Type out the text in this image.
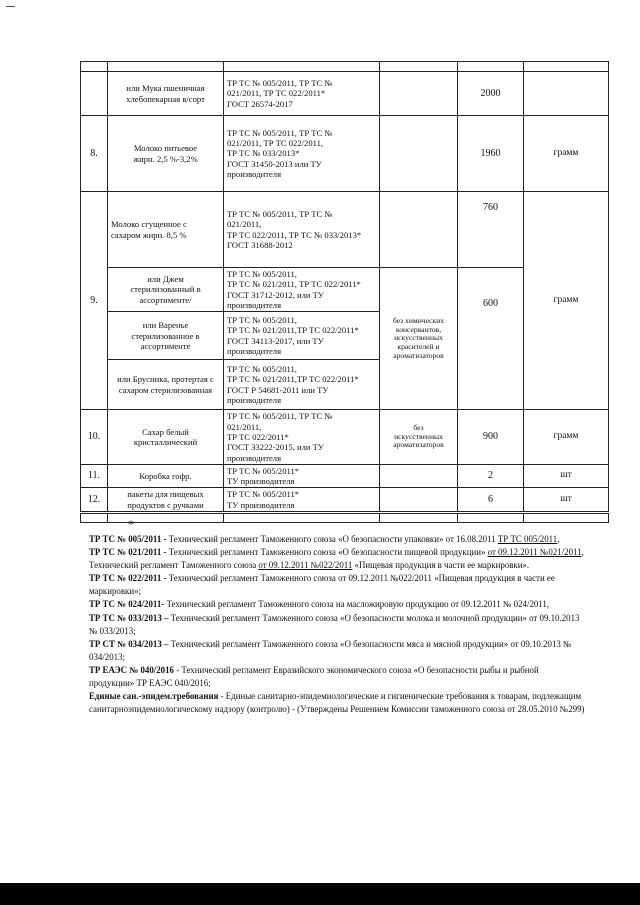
	или Мука пшеничная
хлебопекарная в/сорт	ТР ТС № 005/2011, ТР ТС №
021/2011, ТР ТС 022/2011*
ГОСТ 26574-2017		2000	
8.	Молоко питьевое
жирн. 2,5 %-3,2%	ТР ТС № 005/2011, ТР ТС №
021/2011, ТР ТС 022/2011,
ТР ТС № 033/2013*
ГОСТ 31450-2013 или ТУ
производителя		1960	грамм
9.	Молоко сгущенное с
сахаром жирн. 8,5 %	ТР ТС № 005/2011, ТР ТС №
021/2011,
ТР ТС 022/2011, ТР ТС № 033/2013*
ГОСТ 31688-2012		760	грамм

	или Джем
стерилизованный в
ассортименте/	ТР ТС № 005/2011,
ТР ТС № 021/2011, ТР ТС 022/2011*
ГОСТ 31712-2012, или ТУ
производителя	без химических
консервантов,
искусственных
красителей и
ароматизаторов	600	

	или Варенье
стерилизованное в
ассортименте	ТР ТС № 005/2011,
ТР ТС № 021/2011,ТР ТС 022/2011*
ГОСТ 34113-2017, или ТУ
производителя			

	или Брусника, протертая с
сахаром стерилизованная	ТР ТС № 005/2011,
ТР ТС № 021/2011,ТР ТС 022/2011*
ГОСТ Р 54681-2011 или ТУ
производителя			

10.	Сахар белый
кристаллический	ТР ТС № 005/2011, ТР ТС №
021/2011,
ТР ТС 022/2011*
ГОСТ 33222-2015, или ТУ
производителя	без
искусственных
ароматизаторов	900	грамм
11.	Коробка гофр.	ТР ТС № 005/2011*
ТУ производителя		2	шт
12.	пакеты для пищевых
продуктов с ручками	ТР ТС № 005/2011*
ТУ производителя		6	шт

*

ТР ТС № 005/2011 - Технический регламент Таможенного союза «О безопасности упаковки» от 16.08.2011 ТР ТС 005/2011,

ТР ТС № 021/2011 - Технический регламент Таможенного союза «О безопасности пищевой продукции» от 09.12.2011 №021/2011,

Технический регламент Таможенного союза от 09.12.2011 №022/2011 «Пищевая продукция в части ее маркировки».

ТР ТС № 022/2011 - Технический регламент Таможенного союза от 09.12.2011 №022/2011 «Пищевая продукция в части ее маркировки»;

ТР ТС № 024/2011- Технический регламент Таможенного союза на масложировую продукцию от 09.12.2011 № 024/2011,

ТР ТС № 033/2013 – Технический регламент Таможенного союза «О безопасности молока и молочной продукции» от 09.10.2013 № 033/2013;

ТР СТ № 034/2013 – Технический регламент Таможенного союза «О безопасности мяса и мясной продукции» от 09.10.2013 № 034/2013;

ТР ЕАЭС № 040/2016 - Технический регламент Евразийского экономического союза «О безопасности рыбы и рыбной продукции» ТР ЕАЭС 040/2016;

Единые сан.-эпидем.требования - Единые санитарно-эпидемиологические и гигиенические требования к товарам, подлежащим санитарноэпидемиологическому надзору (контролю) - (Утверждены Решением Комиссии таможенного союза от 28.05.2010 №299)
